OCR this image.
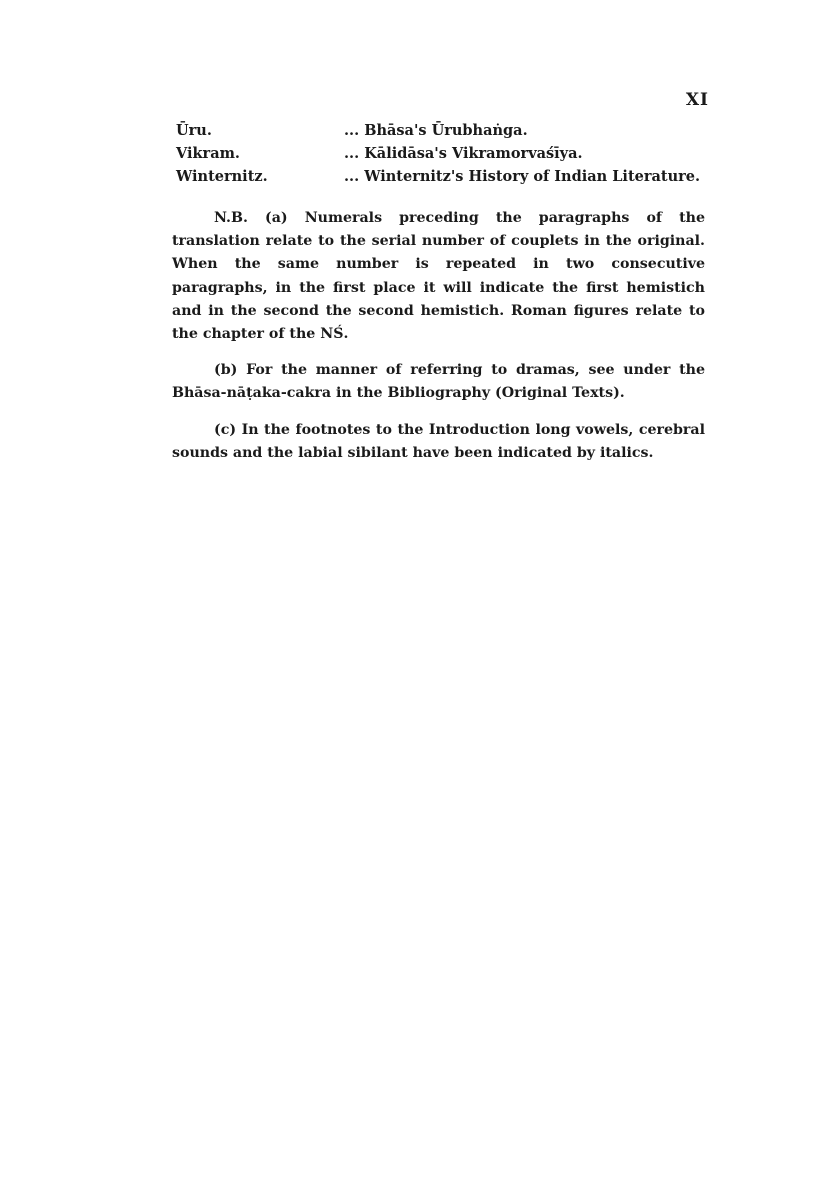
XI
Ūru.	... Bhāsa's Ūrubhaṅga.
Vikram.	... Kālidāsa's Vikramorvaśīya.
Winternitz.	... Winternitz's History of Indian Literature.

N.B. (a) Numerals preceding the paragraphs of the translation relate to the serial number of couplets in the original. When the same number is repeated in two consecutive paragraphs, in the first place it will indicate the first hemistich and in the second the second hemistich. Roman figures relate to the chapter of the NŚ.

(b) For the manner of referring to dramas, see under the Bhāsa-nāṭaka-cakra in the Bibliography (Original Texts).

(c) In the footnotes to the Introduction long vowels, cerebral sounds and the labial sibilant have been indicated by italics.
